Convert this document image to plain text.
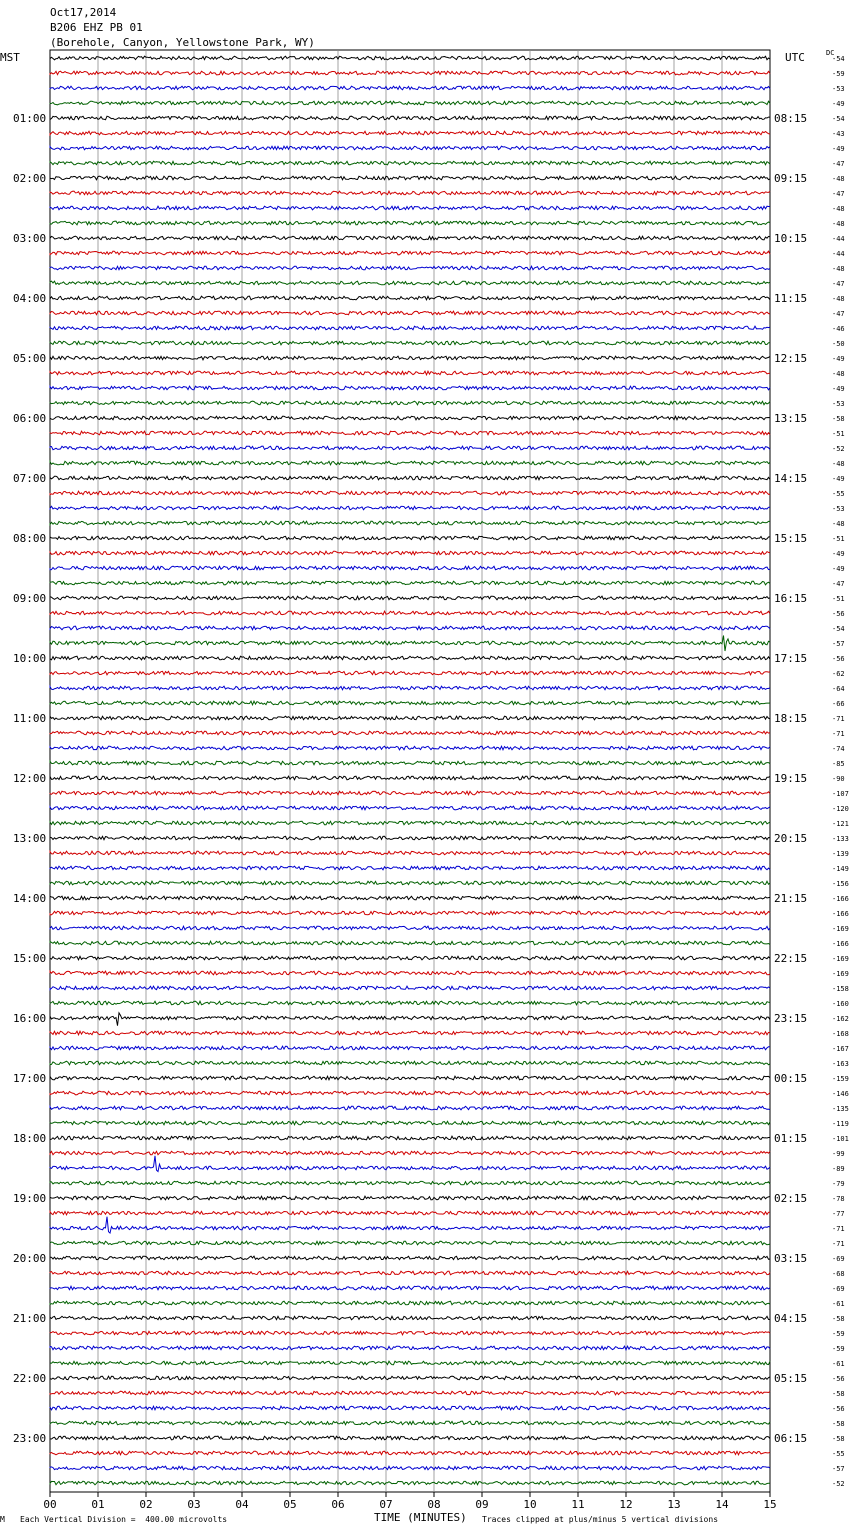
Oct17,2014
B206 EHZ PB 01
(Borehole, Canyon, Yellowstone Park, WY)
MST	UTC	DC
-54
-59
-53
-49
-54
-43
-49
-47
-48
-47
-48
-48
-44
-44
-48
-47
-48
-47
-46
-50
-49
-48
-49
-53
-58
-51
-52
-48
-49
-55
-53
-48
-51
-49
-49
-47
-51
-56
-54
-57
-56
-62
-64
-66
-71
-71
-74
-85
-90
-107
-120
-121
-133
-139
-149
-156
-166
-166
-169
-166
-169
-169
-158
-160
-162
-168
-167
-163
-159
-146
-135
-119
-101
-99
-89
-79
-78
-77
-71
-71
-69
-68
-69
-61
-58
-59
-59
-61
-56
-58
-56
-58
-58
-55
-57
-52
01:00	08:15
02:00	09:15
03:00	10:15
04:00	11:15
05:00	12:15
06:00	13:15
07:00	14:15
08:00	15:15
09:00	16:15
10:00	17:15
11:00	18:15
12:00	19:15
13:00	20:15
14:00	21:15
15:00	22:15
16:00	23:15
17:00	00:15
18:00	01:15
19:00	02:15
20:00	03:15
21:00	04:15
22:00	05:15
23:00	06:15
00	01	02	03	04	05	06	07	08	09	10	11	12	13	14	15
M Each Vertical Division =  400.00 microvolts	Traces clipped at plus/minus 5 vertical divisions
TIME (MINUTES)
